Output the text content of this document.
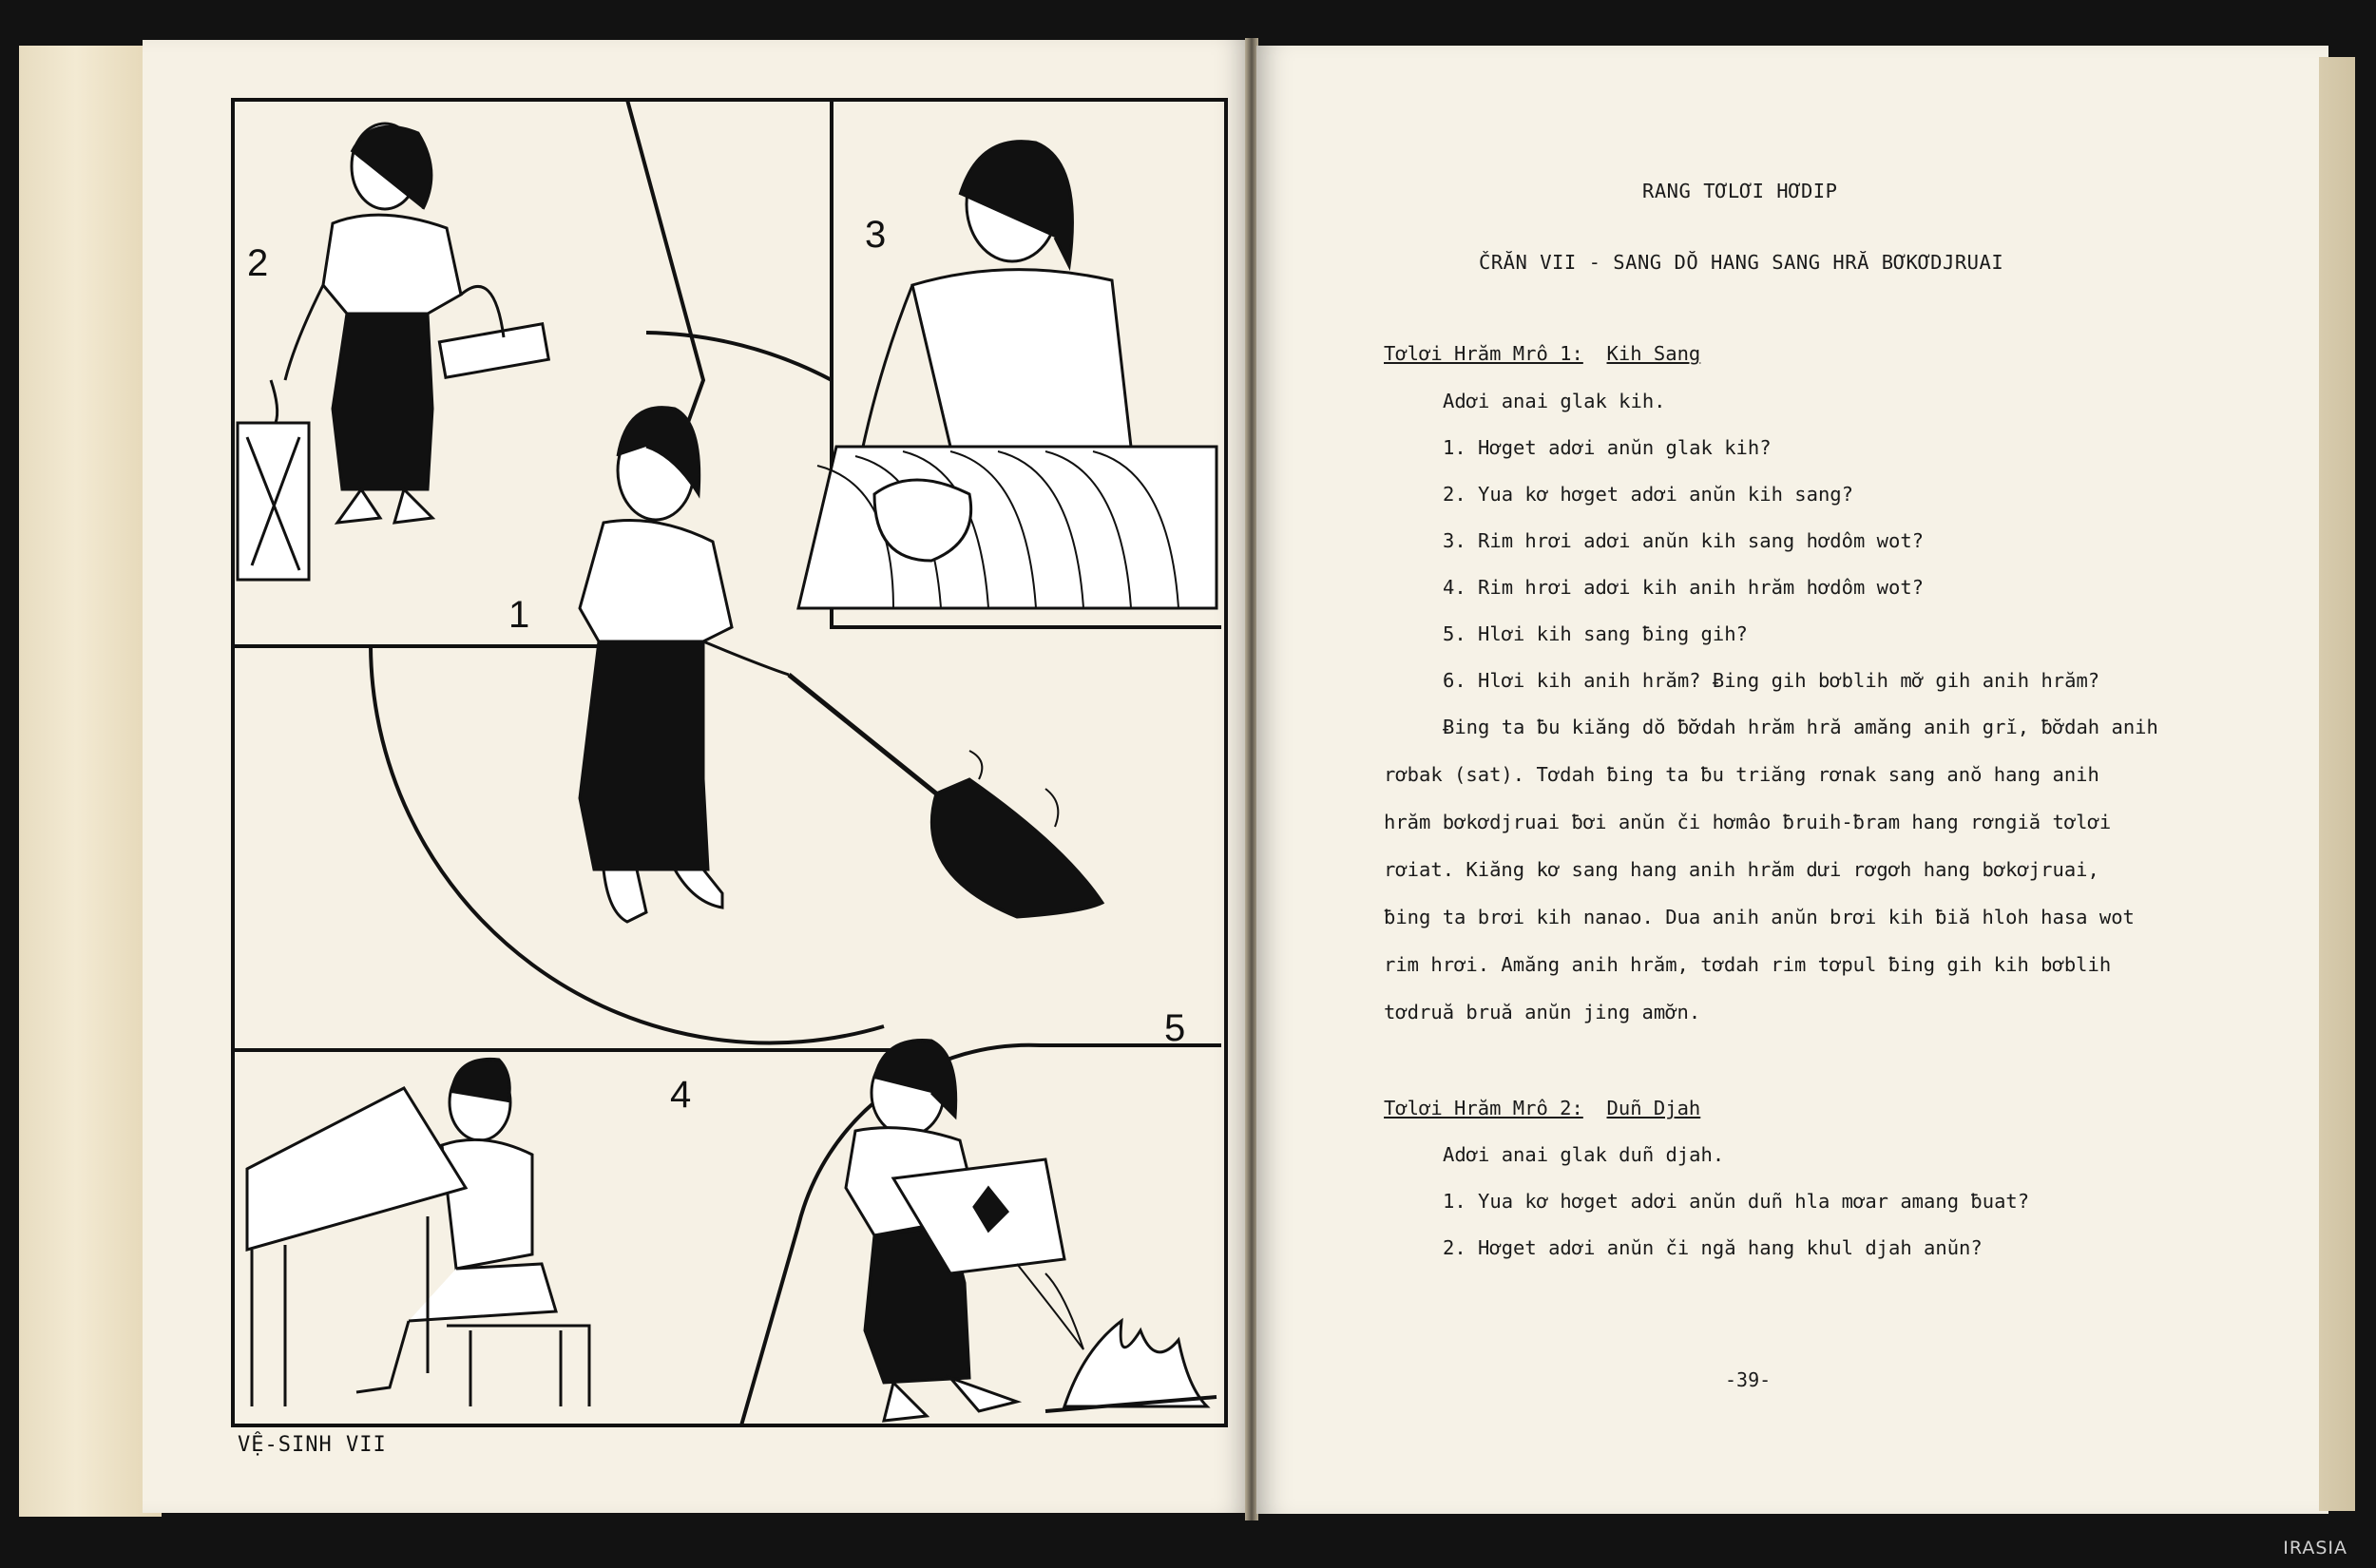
1
2
3
4
5
VỆ-SINH VII
RANG TƠLƠI HƠDIP
ČRĂN VII - SANG DŎ HANG SANG HRĂ BƠKƠDJRUAI
Tơlơi Hrăm Mrô 1: Kih Sang
Adơi anai glak kih.
1. Hơget adơi anŭn glak kih?
2. Yua kơ hơget adơi anŭn kih sang?
3. Rim hrơi adơi anŭn kih sang hơdôm wot?
4. Rim hrơi adơi kih anih hrăm hơdôm wot?
5. Hlơi kih sang ƀing gih?
6. Hlơi kih anih hrăm? Ƀing gih bơblih mơ̆ gih anih hrăm?
Ƀing ta ƀu kiăng dŏ ƀơ̆dah hrăm hră amăng anih grĭ, ƀơ̆dah anih
rơbak (sat). Tơdah ƀing ta ƀu triăng rơnak sang anŏ hang anih
hrăm bơkơdjruai ƀơi anŭn či hơmâo ƀruih-ƀram hang rơngiă tơlơi
rơiat. Kiăng kơ sang hang anih hrăm dưi rơgơh hang bơkơjruai,
ƀing ta brơi kih nanao. Dua anih anŭn brơi kih ƀiă hloh hasa wot
rim hrơi. Amăng anih hrăm, tơdah rim tơpul ƀing gih kih bơblih
tơdruă bruă anŭn jing amơ̆n.
Tơlơi Hrăm Mrô 2: Duñ Djah
Adơi anai glak duñ djah.
1. Yua kơ hơget adơi anŭn duñ hla mơar amang ƀuat?
2. Hơget adơi anŭn či ngă hang khul djah anŭn?
-39-
IRASIA
